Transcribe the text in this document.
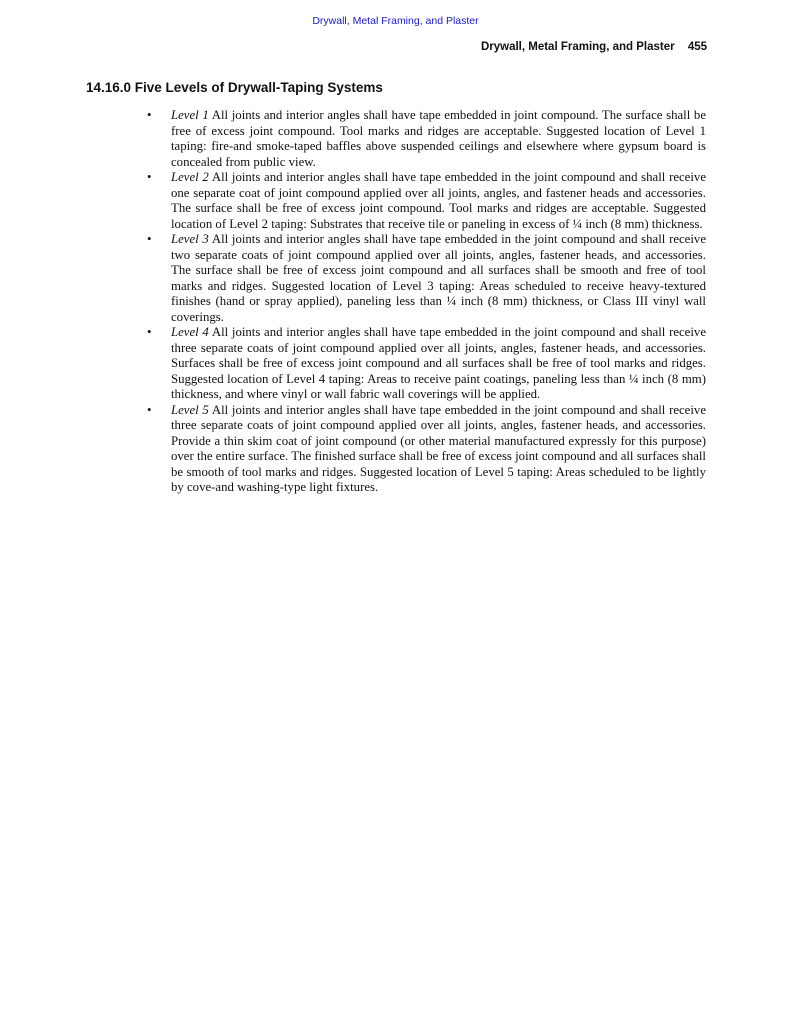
Drywall, Metal Framing, and Plaster
Drywall, Metal Framing, and Plaster 455
14.16.0 Five Levels of Drywall-Taping Systems
• Level 1 All joints and interior angles shall have tape embedded in joint compound. The surface shall be free of excess joint compound. Tool marks and ridges are acceptable. Suggested location of Level 1 taping: fire-and smoke-taped baffles above suspended ceilings and elsewhere where gypsum board is concealed from public view.
• Level 2 All joints and interior angles shall have tape embedded in the joint compound and shall receive one separate coat of joint compound applied over all joints, angles, and fastener heads and accessories. The surface shall be free of excess joint compound. Tool marks and ridges are acceptable. Suggested location of Level 2 taping: Substrates that receive tile or paneling in excess of ¼ inch (8 mm) thickness.
• Level 3 All joints and interior angles shall have tape embedded in the joint compound and shall receive two separate coats of joint compound applied over all joints, angles, fastener heads, and accessories. The surface shall be free of excess joint compound and all surfaces shall be smooth and free of tool marks and ridges. Suggested location of Level 3 taping: Areas scheduled to receive heavy-textured finishes (hand or spray applied), paneling less than ¼ inch (8 mm) thickness, or Class III vinyl wall coverings.
• Level 4 All joints and interior angles shall have tape embedded in the joint compound and shall receive three separate coats of joint compound applied over all joints, angles, fastener heads, and accessories. Surfaces shall be free of excess joint compound and all surfaces shall be free of tool marks and ridges. Suggested location of Level 4 taping: Areas to receive paint coatings, paneling less than ¼ inch (8 mm) thickness, and where vinyl or wall fabric wall coverings will be applied.
• Level 5 All joints and interior angles shall have tape embedded in the joint compound and shall receive three separate coats of joint compound applied over all joints, angles, fastener heads, and accessories. Provide a thin skim coat of joint compound (or other material manufactured expressly for this purpose) over the entire surface. The finished surface shall be free of excess joint compound and all surfaces shall be smooth of tool marks and ridges. Suggested location of Level 5 taping: Areas scheduled to be lightly by cove-and washing-type light fixtures.
